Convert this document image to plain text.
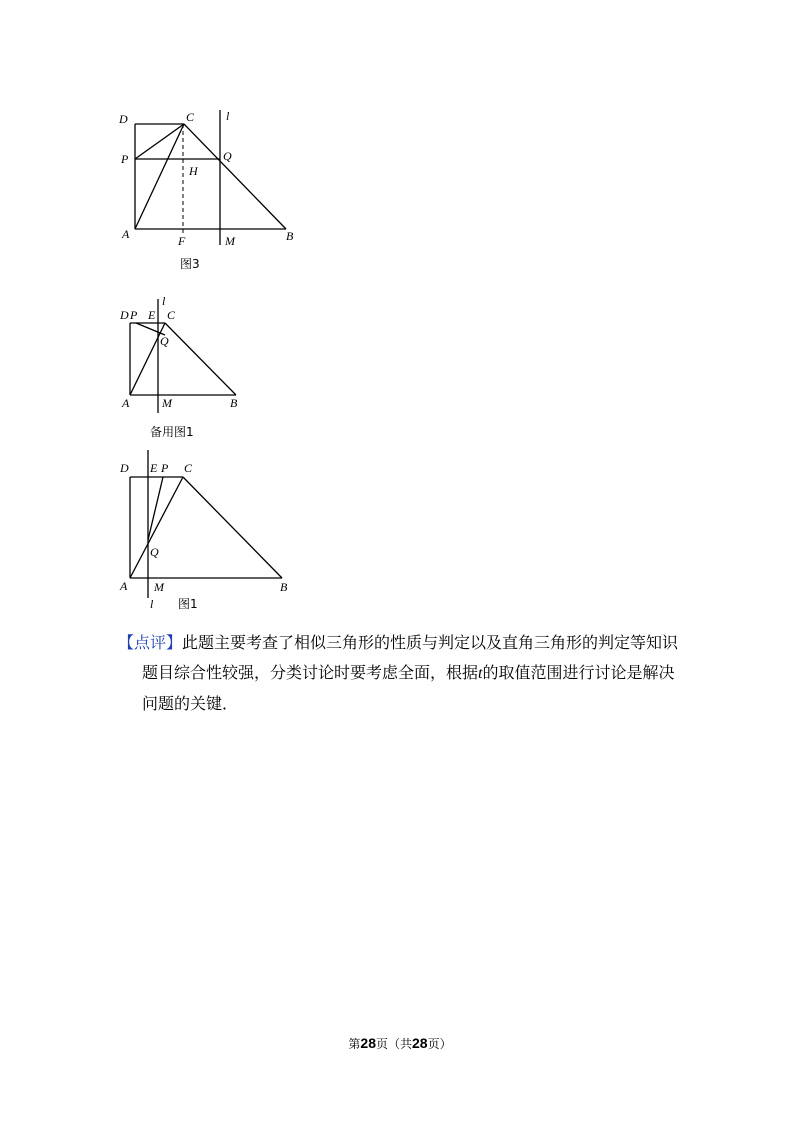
D	C	l
P	Q
H
A	F	M	B
图3
D P E C
l
Q
A	M	B
备用图1
D E P C
Q
A M
l
B
图1
【点评】此题主要考查了相似三角形的性质与判定以及直角三角形的判定等知识
题目综合性较强，分类讨论时要考虑全面，根据t的取值范围进行讨论是解决
问题的关键．
第28页（共28页）
